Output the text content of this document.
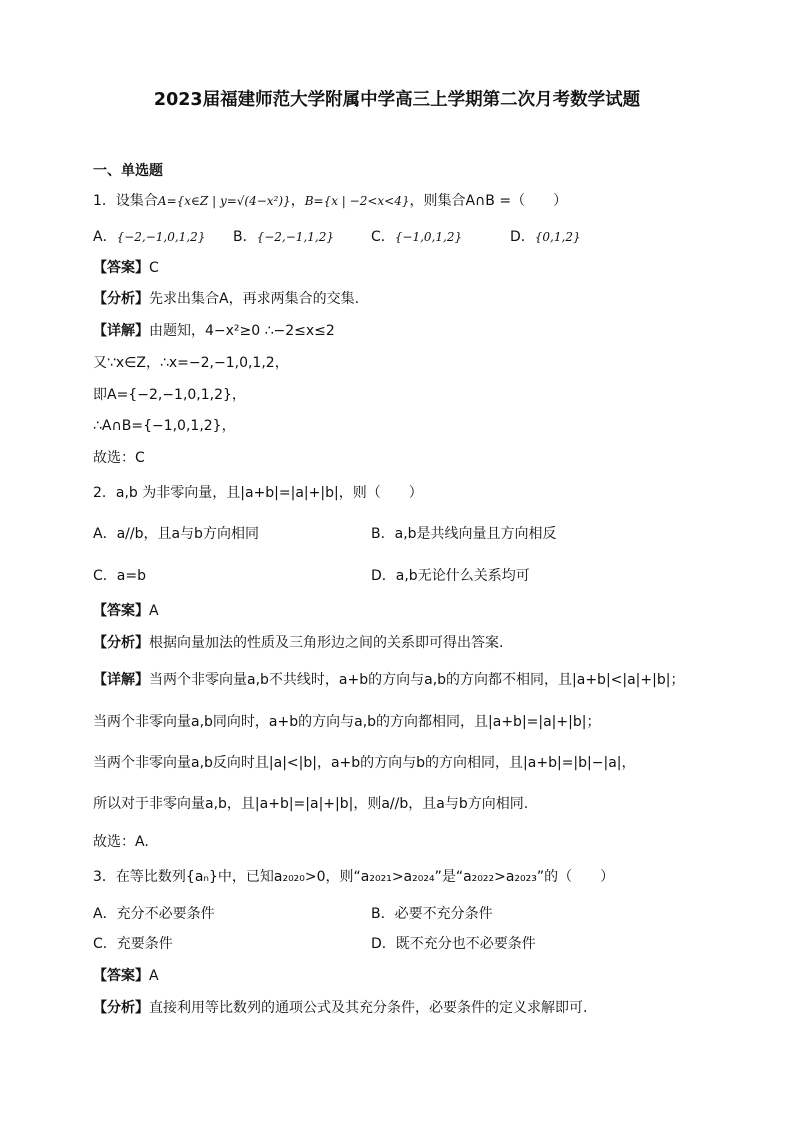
2023届福建师范大学附属中学高三上学期第二次月考数学试题
一、单选题
1．设集合A={x∈Z | y=√(4−x²)}，B={x | −2<x<4}，则集合A∩B =（　　）
A．{−2,−1,0,1,2} B．{−2,−1,1,2}	C．{−1,0,1,2}	D．{0,1,2}
【答案】C
【分析】先求出集合A，再求两集合的交集.
【详解】由题知，4−x²≥0 ∴−2≤x≤2
又∵x∈Z，∴x=−2,−1,0,1,2，
即A={−2,−1,0,1,2}，
∴A∩B={−1,0,1,2}，
故选：C
2．a,b 为非零向量，且|a+b|=|a|+|b|，则（　　）
A．a//b，且a与b方向相同	B．a,b是共线向量且方向相反
C．a=b	D．a,b无论什么关系均可
【答案】A
【分析】根据向量加法的性质及三角形边之间的关系即可得出答案.
【详解】当两个非零向量a,b不共线时，a+b的方向与a,b的方向都不相同，且|a+b|<|a|+|b|；
当两个非零向量a,b同向时，a+b的方向与a,b的方向都相同，且|a+b|=|a|+|b|；
当两个非零向量a,b反向时且|a|<|b|，a+b的方向与b的方向相同，且|a+b|=|b|−|a|，
所以对于非零向量a,b，且|a+b|=|a|+|b|，则a//b，且a与b方向相同.
故选：A.
3．在等比数列{aₙ}中，已知a₂₀₂₀>0，则“a₂₀₂₁>a₂₀₂₄”是“a₂₀₂₂>a₂₀₂₃”的（　　）
A．充分不必要条件	B．必要不充分条件
C．充要条件	D．既不充分也不必要条件
【答案】A
【分析】直接利用等比数列的通项公式及其充分条件，必要条件的定义求解即可.
